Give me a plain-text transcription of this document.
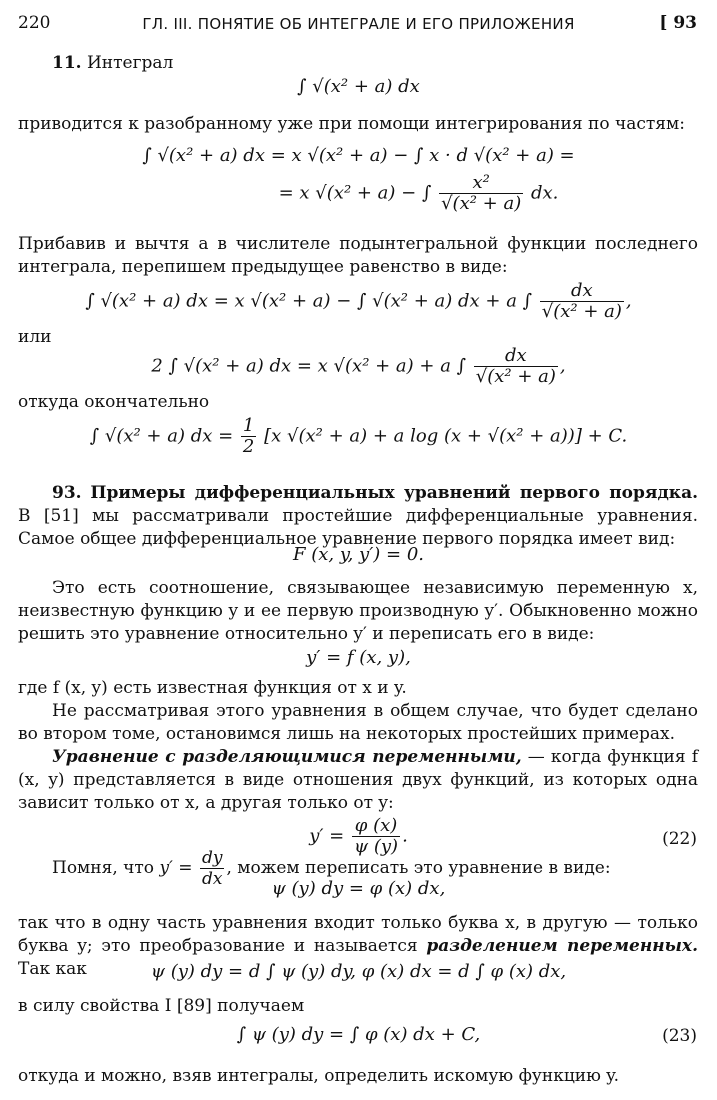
220	ГЛ. III. ПОНЯТИЕ ОБ ИНТЕГРАЛЕ И ЕГО ПРИЛОЖЕНИЯ	[ 93
11. Интеграл
∫ √(x² + a) dx
приводится к разобранному уже при помощи интегрирования по частям:
∫ √(x² + a) dx = x √(x² + a) − ∫ x · d √(x² + a) =
= x √(x² + a) − ∫ $\frac{\text{x²}}{\text{√(x² + a)}}$ dx.
Прибавив и вычтя a в числителе подынтегральной функции последнего интеграла, перепишем предыдущее равенство в виде:
∫ √(x² + a) dx = x √(x² + a) − ∫ √(x² + a) dx + a ∫ $\frac{dx}{\text{√(x² + a)}}$ ,
или
2 ∫ √(x² + a) dx = x √(x² + a) + a ∫ $\frac{dx}{\text{√(x² + a)}}$ ,
откуда окончательно
∫ √(x² + a) dx = $\frac{1}{2} [x$ √(x² + a) + a log (x + √(x² + a))] + C.
93. Примеры дифференциальных уравнений первого порядка. В [51] мы рассматривали простейшие дифференциальные уравнения. Самое общее дифференциальное уравнение первого порядка имеет вид:
F (x, y, y′) = 0.
Это есть соотношение, связывающее независимую переменную x, неизвестную функцию y и ее первую производную y′. Обыкновенно можно решить это уравнение относительно y′ и переписать его в виде:
y′ = f (x, y),
где f (x, y) есть известная функция от x и y.
Не рассматривая этого уравнения в общем случае, что будет сделано во втором томе, остановимся лишь на некоторых простейших примерах.
Уравнение с разделяющимися переменными, — когда функция f (x, y) представляется в виде отношения двух функций, из которых одна зависит только от x, а другая только от y:
$y' = \frac{\varphi (x)}{\psi (y)}$ .	(22)
Помня, что $y' = \frac{dy}{dx}$ , можем переписать это уравнение в виде:
ψ (y) dy = φ (x) dx,
так что в одну часть уравнения входит только буква x, в другую — только буква y; это преобразование и называется разделением переменных. Так как	ψ (y) dy = d ∫ ψ (y) dy, φ (x) dx = d ∫ φ (x) dx,
в силу свойства I [89] получаем
∫ ψ (y) dy = ∫ φ (x) dx + C,	(23)
откуда и можно, взяв интегралы, определить искомую функцию y.
